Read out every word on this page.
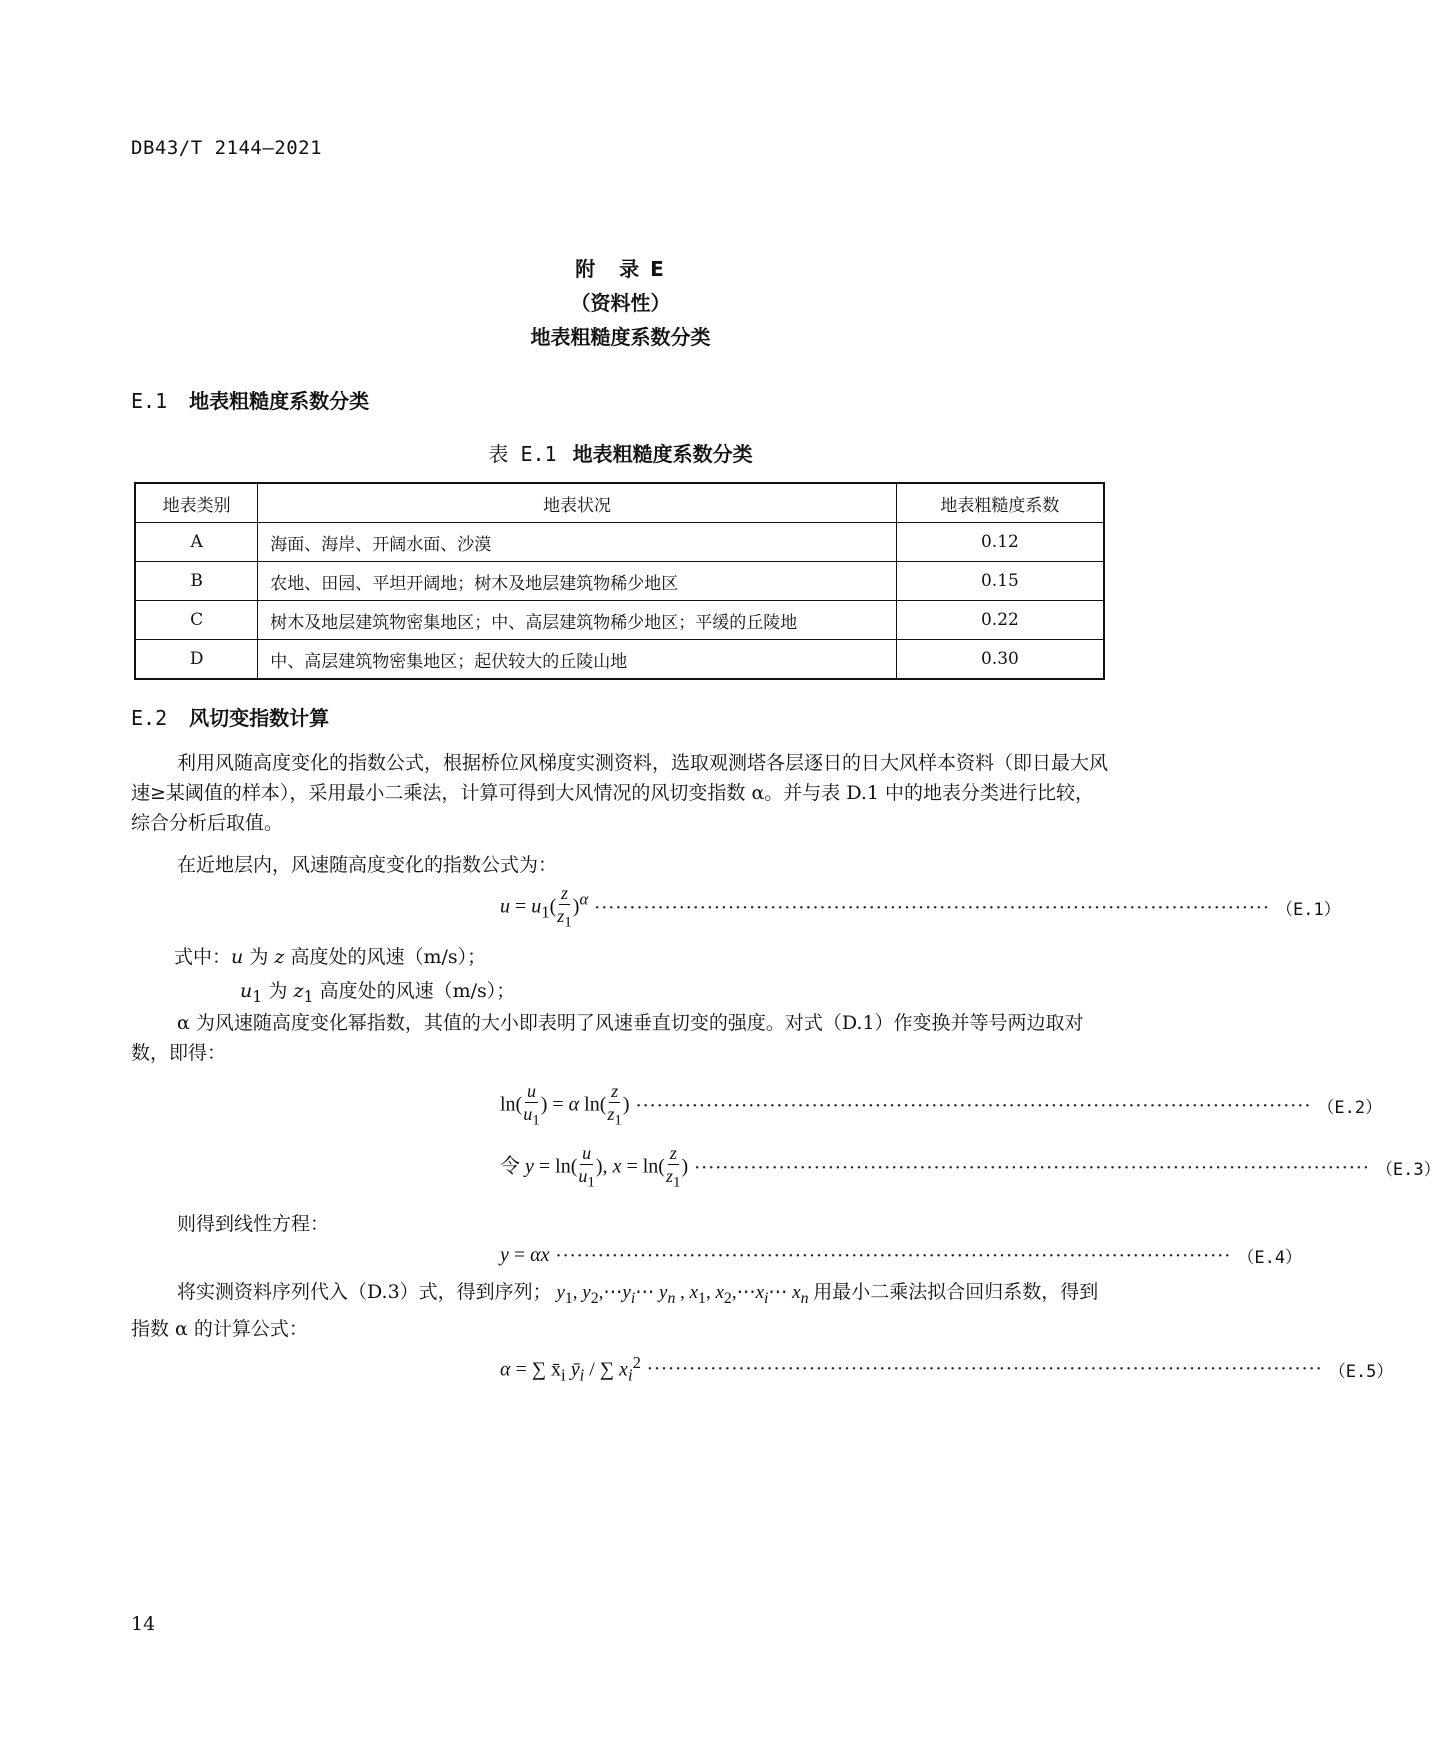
DB43/T 2144—2021
附　录 E
（资料性）
地表粗糙度系数分类
E.1 地表粗糙度系数分类
表 E.1 地表粗糙度系数分类
地表类别	地表状况	地表粗糙度系数
A	海面、海岸、开阔水面、沙漠	0.12
B	农地、田园、平坦开阔地；树木及地层建筑物稀少地区	0.15
C	树木及地层建筑物密集地区；中、高层建筑物稀少地区；平缓的丘陵地	0.22
D	中、高层建筑物密集地区；起伏较大的丘陵山地	0.30
E.2 风切变指数计算
利用风随高度变化的指数公式，根据桥位风梯度实测资料，选取观测塔各层逐日的日大风样本资料（即日最大风速≥某阈值的样本），采用最小二乘法，计算可得到大风情况的风切变指数 α。并与表 D.1 中的地表分类进行比较，综合分析后取值。
在近地层内，风速随高度变化的指数公式为：
$u = u_1( \frac{z}{z_1} )^\alpha$ ································································································ （E.1）
式中：u 为 z 高度处的风速（m/s）；
$u_1$ 为 $z_1$ 高度处的风速（m/s）；
α 为风速随高度变化幂指数，其值的大小即表明了风速垂直切变的强度。对式（D.1）作变换并等号两边取对数，即得：
$\ln( \frac{u}{u_1}$ ) = α $\ln( \frac{z}{z_1}$ ) ································································································ （E.2）
令 $y = \ln( \frac{u}{u_1}$ ), $x = \ln( \frac{z}{z_1}$ ) ································································································ （E.3）
则得到线性方程：
y = αx ································································································ （E.4）
将实测资料序列代入（D.3）式，得到序列； $y_1$, $y_2,\cdots y_i\cdots$ $y_n$ , $x_1$, $x_2,\cdots x_i\cdots$ $x_n$ 用最小二乘法拟合回归系数，得到指数 α 的计算公式：
α = ∑ $x̄_i$ $ȳ_i$ / ∑ $x_i^2$ ································································································ （E.5）
14
